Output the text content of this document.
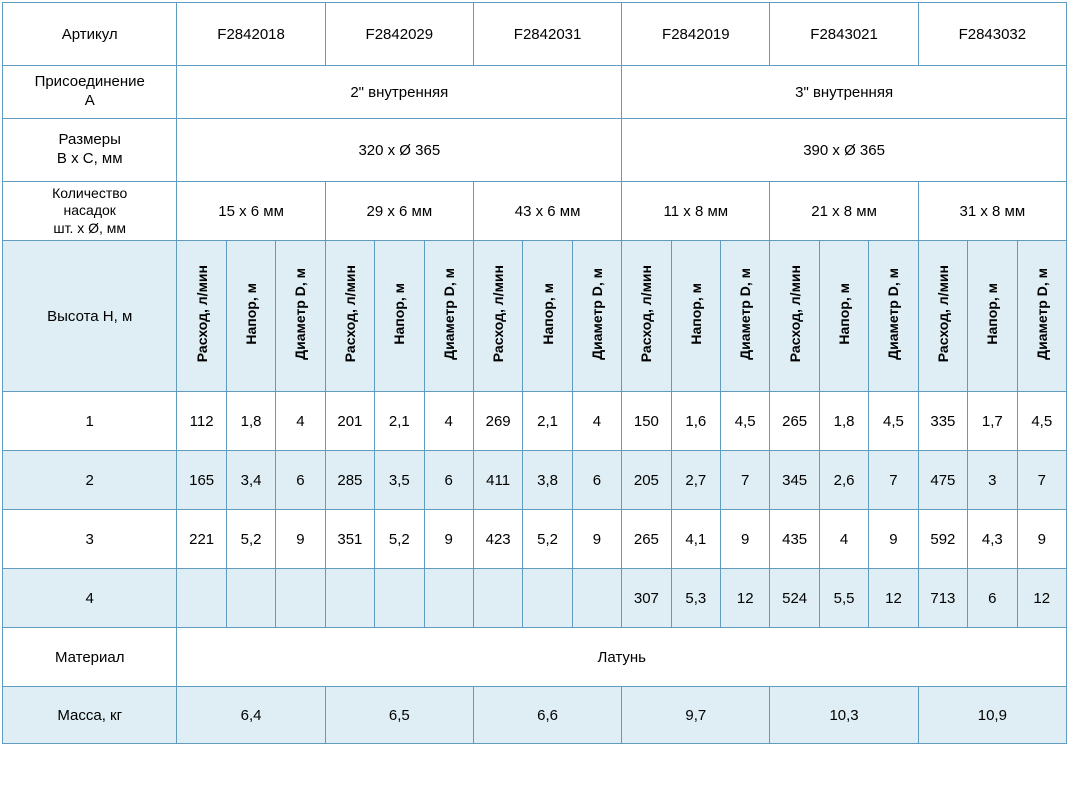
Артикул	F2842018			F2842029			F2842031			F2842019			F2843021			F2843032		

Присоединение
А	2" внутренняя									3" внутренняя								

Размеры
B x C, мм	320 x Ø 365									390 x Ø 365								

Количество
насадок
шт. х Ø, мм	15 х 6 мм			29 х 6 мм			43 х 6 мм			11 х 8 мм			21 х 8 мм			31 х 8 мм		
Высота H, м	Расход, л/мин	Напор, м	Диаметр D, м	Расход, л/мин	Напор, м	Диаметр D, м	Расход, л/мин	Напор, м	Диаметр D, м	Расход, л/мин	Напор, м	Диаметр D, м	Расход, л/мин	Напор, м	Диаметр D, м	Расход, л/мин	Напор, м	Диаметр D, м
1	112	1,8	4	201	2,1	4	269	2,1	4	150	1,6	4,5	265	1,8	4,5	335	1,7	4,5
2	165	3,4	6	285	3,5	6	411	3,8	6	205	2,7	7	345	2,6	7	475	3	7
3	221	5,2	9	351	5,2	9	423	5,2	9	265	4,1	9	435	4	9	592	4,3	9
4										307	5,3	12	524	5,5	12	713	6	12
Материал	Латунь																	
Масса, кг	6,4			6,5			6,6			9,7			10,3			10,9		
